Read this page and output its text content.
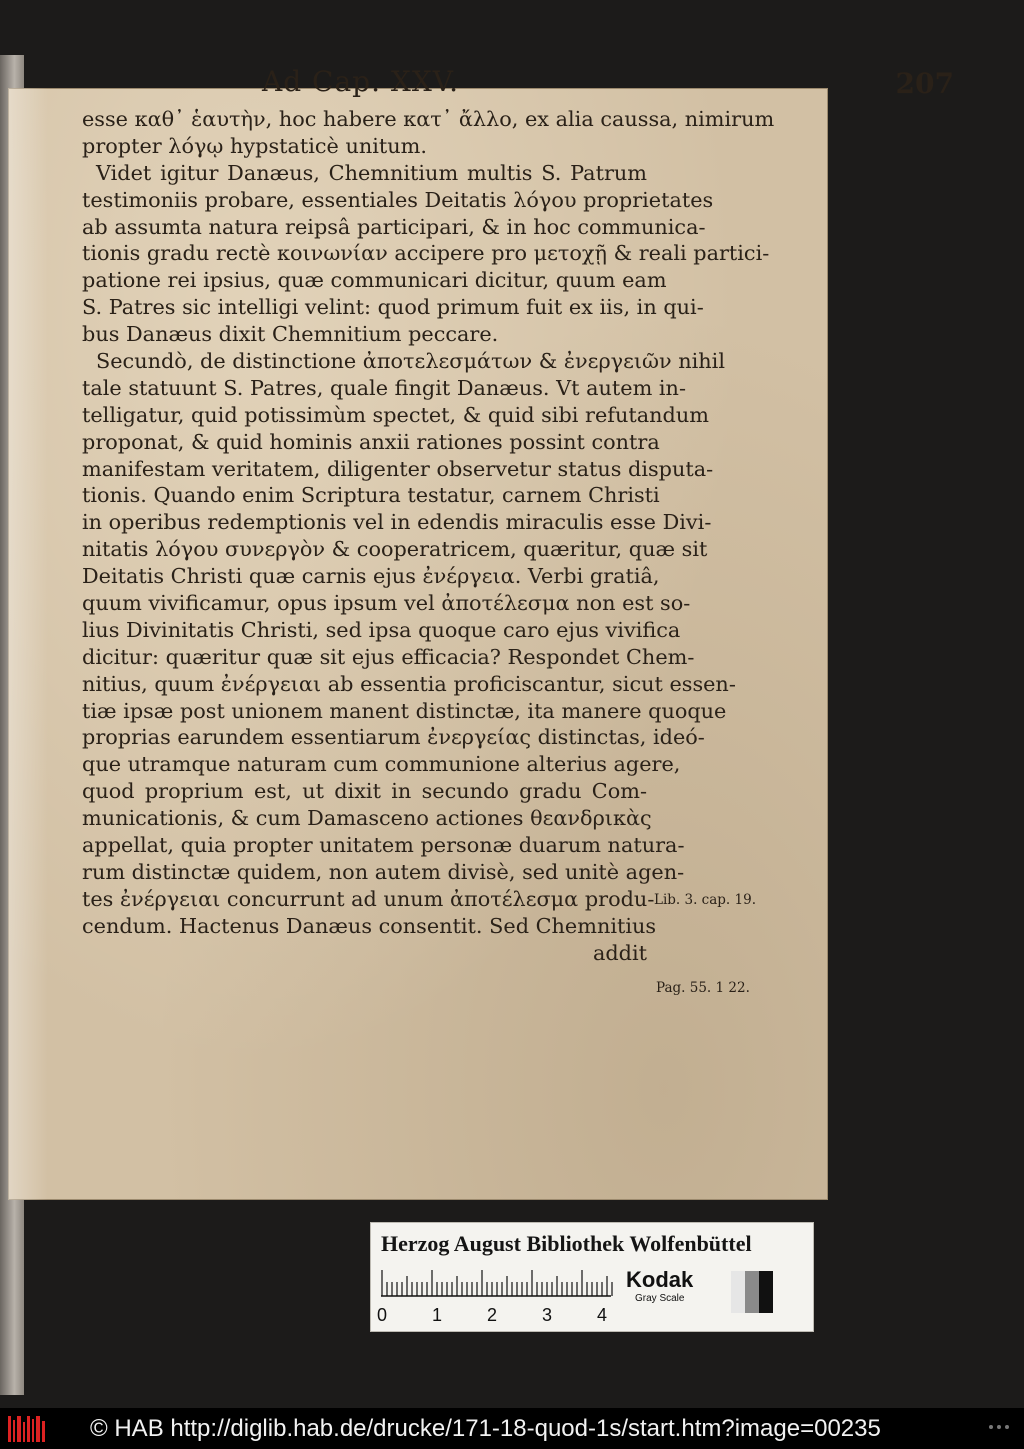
Ad Cap. XXV.	207
esse καθ᾽ ἑαυτὴν, hoc habere κατ᾽ ἄλλο, ex alia caussa, nimirum
propter λόγῳ hypstaticè unitum.
Videt igitur Danæus, Chemnitium multis S. Patrum
testimoniis probare, essentiales Deitatis λόγου proprietates
ab assumta natura reipsâ participari, & in hoc communica-
tionis gradu rectè κοινωνίαν accipere pro μετοχῇ & reali partici-
patione rei ipsius, quæ communicari dicitur, quum eam
S. Patres sic intelligi velint: quod primum fuit ex iis, in qui-
bus Danæus dixit Chemnitium peccare.
Secundò, de distinctione ἀποτελεσμάτων & ἐνεργειῶν nihil
tale statuunt S. Patres, quale fingit Danæus. Vt autem in-
telligatur, quid potissimùm spectet, & quid sibi refutandum
proponat, & quid hominis anxii rationes possint contra
manifestam veritatem, diligenter observetur status disputa-
tionis. Quando enim Scriptura testatur, carnem Christi
in operibus redemptionis vel in edendis miraculis esse Divi-
nitatis λόγου συνεργὸν & cooperatricem, quæritur, quæ sit
Deitatis Christi quæ carnis ejus ἐνέργεια. Verbi gratiâ,
quum vivificamur, opus ipsum vel ἀποτέλεσμα non est so-
lius Divinitatis Christi, sed ipsa quoque caro ejus vivifica
dicitur: quæritur quæ sit ejus efficacia? Respondet Chem-
nitius, quum ἐνέργειαι ab essentia proficiscantur, sicut essen-
tiæ ipsæ post unionem manent distinctæ, ita manere quoque
proprias earundem essentiarum ἐνεργείας distinctas, ideó-
que utramque naturam cum communione alterius agere,
quod proprium est, ut dixit in secundo gradu Com-
municationis, & cum Damasceno actiones θεανδρικὰς
appellat, quia propter unitatem personæ duarum natura-
rum distinctæ quidem, non autem divisè, sed unitè agen-
tes ἐνέργειαι concurrunt ad unum ἀποτέλεσμα produ-
cendum. Hactenus Danæus consentit. Sed Chemnitius
addit
Lib. 3. cap. 19.
Pag. 55. 1 22.
Herzog August Bibliothek Wolfenbüttel
0 1 2 3 4
Kodak
Gray Scale
© HAB http://diglib.hab.de/drucke/171-18-quod-1s/start.htm?image=00235
